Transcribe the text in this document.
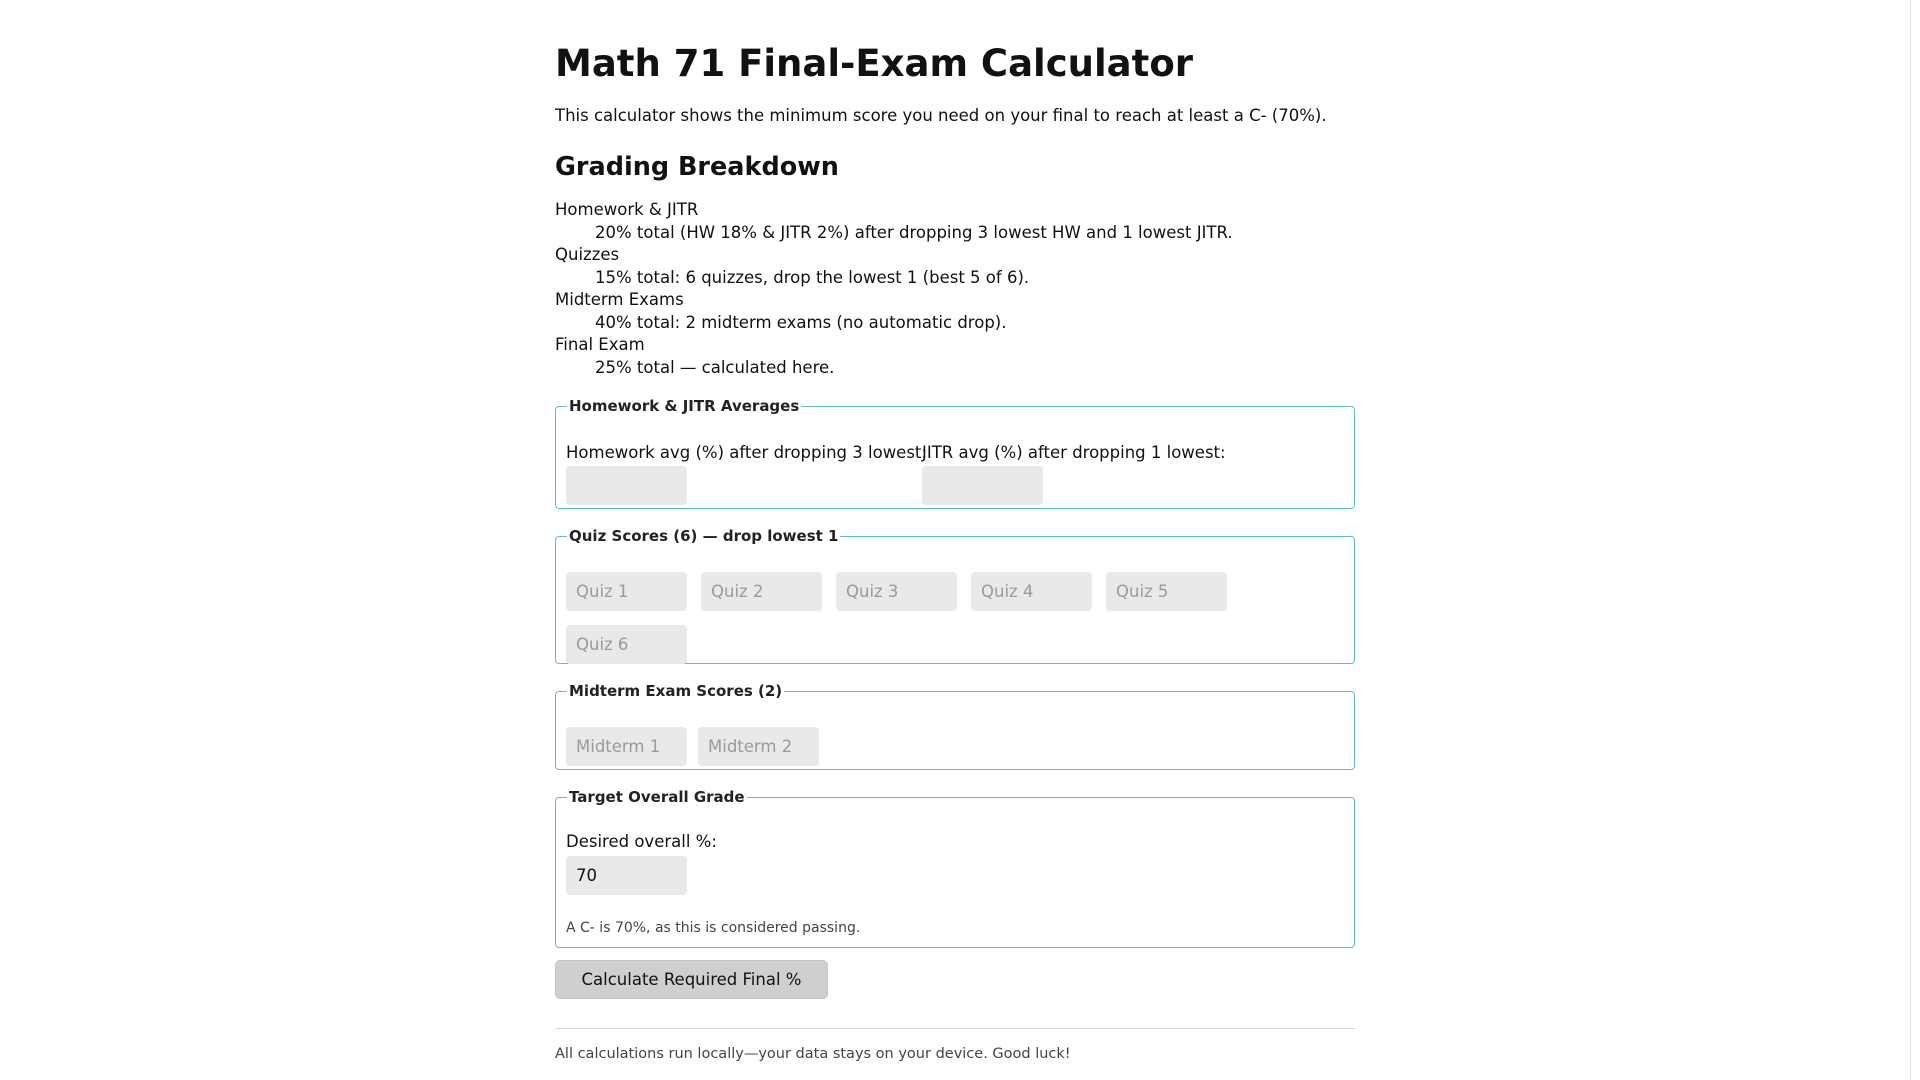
Math 71 Final-Exam Calculator

This calculator shows the minimum score you need on your final to reach at least a C- (70%).

Grading Breakdown
Homework & JITR
20% total (HW 18% & JITR 2%) after dropping 3 lowest HW and 1 lowest JITR.
Quizzes
15% total: 6 quizzes, drop the lowest 1 (best 5 of 6).
Midterm Exams
40% total: 2 midterm exams (no automatic drop).
Final Exam
25% total — calculated here.
Homework & JITR Averages
Homework avg (%) after dropping 3 lowest:
JITR avg (%) after dropping 1 lowest:
Quiz Scores (6) — drop lowest 1
Quiz 1
Quiz 2
Quiz 3
Quiz 4
Quiz 5
Quiz 6
Midterm Exam Scores (2)
Midterm 1
Midterm 2
Target Overall Grade
Desired overall %:
70
A C- is 70%, as this is considered passing.
Calculate Required Final %
All calculations run locally—your data stays on your device. Good luck!
